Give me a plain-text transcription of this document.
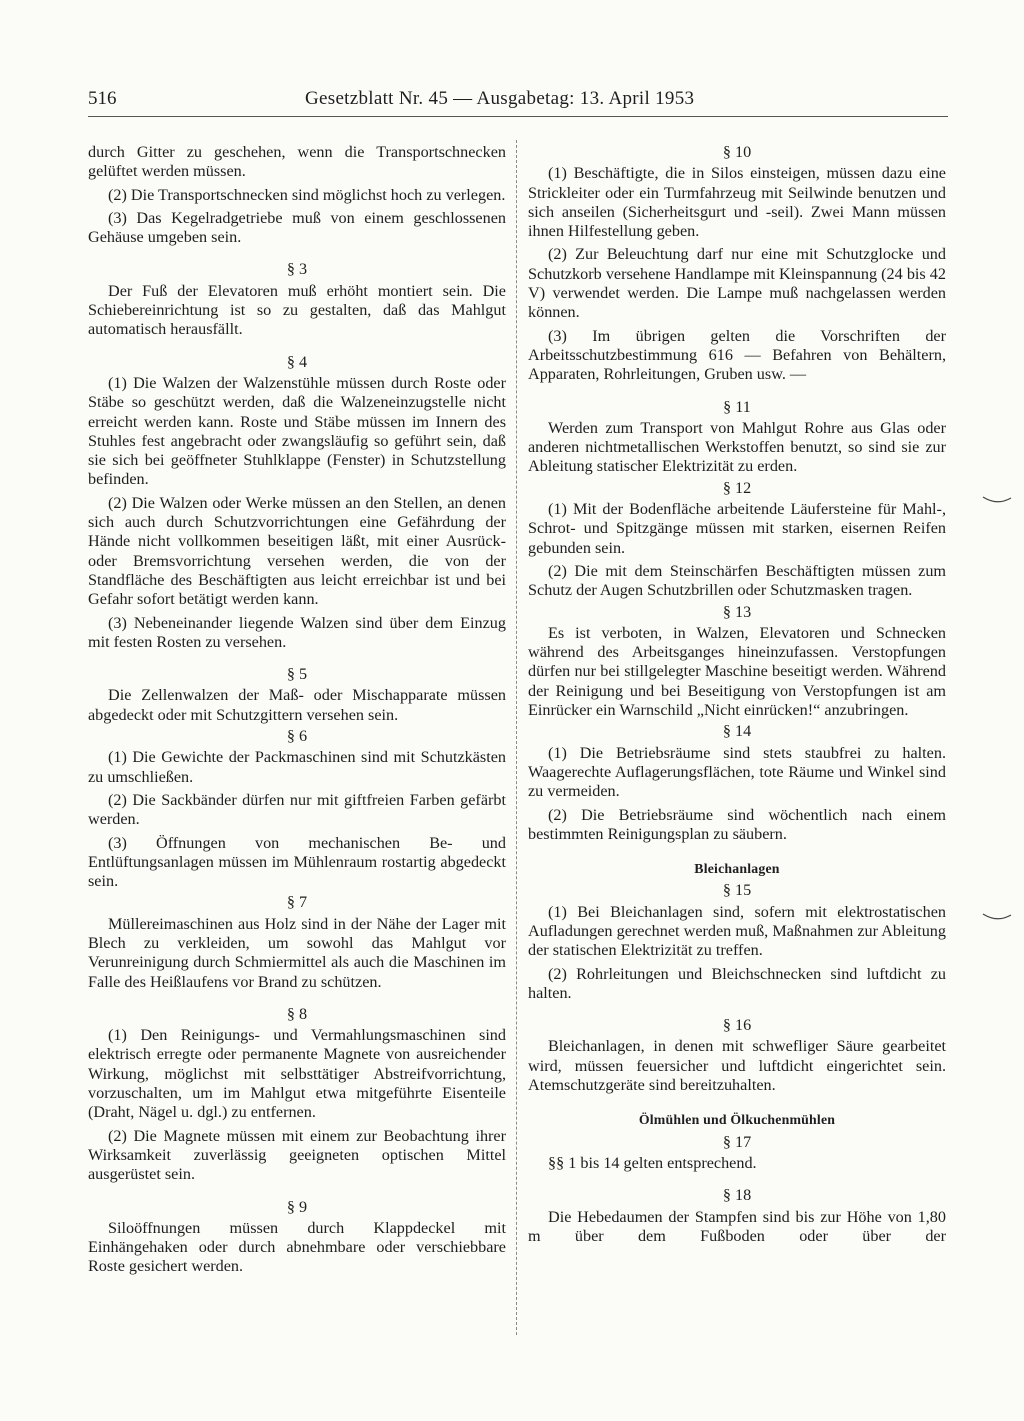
516	Gesetzblatt Nr. 45 — Ausgabetag: 13. April 1953

durch Gitter zu geschehen, wenn die Transportschnecken gelüftet werden müssen.

(2) Die Transportschnecken sind möglichst hoch zu verlegen.

(3) Das Kegelradgetriebe muß von einem geschlossenen Gehäuse umgeben sein.

§ 3

Der Fuß der Elevatoren muß erhöht montiert sein. Die Schiebereinrichtung ist so zu gestalten, daß das Mahlgut automatisch herausfällt.

§ 4

(1) Die Walzen der Walzenstühle müssen durch Roste oder Stäbe so geschützt werden, daß die Walzeneinzugstelle nicht erreicht werden kann. Roste und Stäbe müssen im Innern des Stuhles fest angebracht oder zwangsläufig so geführt sein, daß sie sich bei geöffneter Stuhlklappe (Fenster) in Schutzstellung befinden.

(2) Die Walzen oder Werke müssen an den Stellen, an denen sich auch durch Schutzvorrichtungen eine Gefährdung der Hände nicht vollkommen beseitigen läßt, mit einer Ausrück- oder Bremsvorrichtung versehen werden, die von der Standfläche des Beschäftigten aus leicht erreichbar ist und bei Gefahr sofort betätigt werden kann.

(3) Nebeneinander liegende Walzen sind über dem Einzug mit festen Rosten zu versehen.

§ 5

Die Zellenwalzen der Maß- oder Mischapparate müssen abgedeckt oder mit Schutzgittern versehen sein.

§ 6

(1) Die Gewichte der Packmaschinen sind mit Schutzkästen zu umschließen.

(2) Die Sackbänder dürfen nur mit giftfreien Farben gefärbt werden.

(3) Öffnungen von mechanischen Be- und Entlüftungsanlagen müssen im Mühlenraum rostartig abgedeckt sein.

§ 7

Müllereimaschinen aus Holz sind in der Nähe der Lager mit Blech zu verkleiden, um sowohl das Mahlgut vor Verunreinigung durch Schmiermittel als auch die Maschinen im Falle des Heißlaufens vor Brand zu schützen.

§ 8

(1) Den Reinigungs- und Vermahlungsmaschinen sind elektrisch erregte oder permanente Magnete von ausreichender Wirkung, möglichst mit selbsttätiger Abstreifvorrichtung, vorzuschalten, um im Mahlgut etwa mitgeführte Eisenteile (Draht, Nägel u. dgl.) zu entfernen.

(2) Die Magnete müssen mit einem zur Beobachtung ihrer Wirksamkeit zuverlässig geeigneten optischen Mittel ausgerüstet sein.

§ 9

Siloöffnungen müssen durch Klappdeckel mit Einhängehaken oder durch abnehmbare oder verschiebbare Roste gesichert werden.

§ 10

(1) Beschäftigte, die in Silos einsteigen, müssen dazu eine Strickleiter oder ein Turmfahrzeug mit Seilwinde benutzen und sich anseilen (Sicherheitsgurt und -seil). Zwei Mann müssen ihnen Hilfestellung geben.

(2) Zur Beleuchtung darf nur eine mit Schutzglocke und Schutzkorb versehene Handlampe mit Kleinspannung (24 bis 42 V) verwendet werden. Die Lampe muß nachgelassen werden können.

(3) Im übrigen gelten die Vorschriften der Arbeitsschutzbestimmung 616 — Befahren von Behältern, Apparaten, Rohrleitungen, Gruben usw. —

§ 11

Werden zum Transport von Mahlgut Rohre aus Glas oder anderen nichtmetallischen Werkstoffen benutzt, so sind sie zur Ableitung statischer Elektrizität zu erden.

§ 12

(1) Mit der Bodenfläche arbeitende Läufersteine für Mahl-, Schrot- und Spitzgänge müssen mit starken, eisernen Reifen gebunden sein.

(2) Die mit dem Steinschärfen Beschäftigten müssen zum Schutz der Augen Schutzbrillen oder Schutzmasken tragen.

§ 13

Es ist verboten, in Walzen, Elevatoren und Schnecken während des Arbeitsganges hineinzufassen. Verstopfungen dürfen nur bei stillgelegter Maschine beseitigt werden. Während der Reinigung und bei Beseitigung von Verstopfungen ist am Einrücker ein Warnschild „Nicht einrücken!“ anzubringen.

§ 14

(1) Die Betriebsräume sind stets staubfrei zu halten. Waagerechte Auflagerungsflächen, tote Räume und Winkel sind zu vermeiden.

(2) Die Betriebsräume sind wöchentlich nach einem bestimmten Reinigungsplan zu säubern.

Bleichanlagen
§ 15

(1) Bei Bleichanlagen sind, sofern mit elektrostatischen Aufladungen gerechnet werden muß, Maßnahmen zur Ableitung der statischen Elektrizität zu treffen.

(2) Rohrleitungen und Bleichschnecken sind luftdicht zu halten.

§ 16

Bleichanlagen, in denen mit schwefliger Säure gearbeitet wird, müssen feuersicher und luftdicht eingerichtet sein. Atemschutzgeräte sind bereitzuhalten.

Ölmühlen und Ölkuchenmühlen
§ 17

§§ 1 bis 14 gelten entsprechend.

§ 18

Die Hebedaumen der Stampfen sind bis zur Höhe von 1,80 m über dem Fußboden oder über der
